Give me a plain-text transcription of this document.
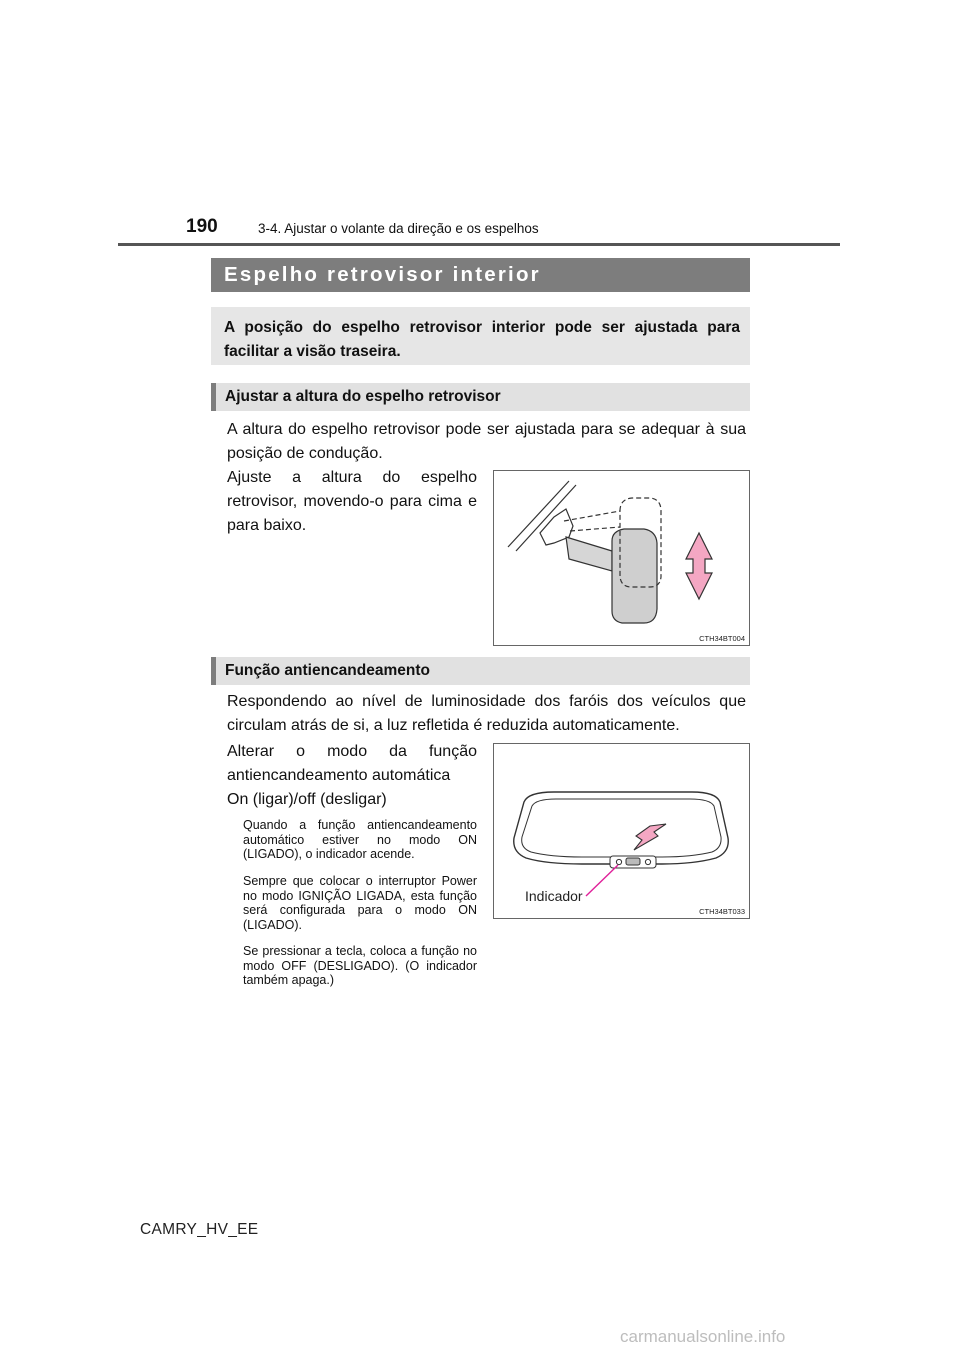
190	3-4. Ajustar o volante da direção e os espelhos
Espelho retrovisor interior
A posição do espelho retrovisor interior pode ser ajustada para facilitar a visão traseira.
Ajustar a altura do espelho retrovisor
A altura do espelho retrovisor pode ser ajustada para se adequar à sua posição de condução.
Ajuste a altura do espelho retrovisor, movendo-o para cima e para baixo.
CTH34BT004
Função antiencandeamento
Respondendo ao nível de luminosidade dos faróis dos veículos que circulam atrás de si, a luz refletida é reduzida automaticamente.
Alterar o modo da função antiencandeamento automática
On (ligar)/off (desligar)
Quando a função antiencandeamento automático estiver no modo ON (LIGADO), o indicador acende.
Sempre que colocar o interruptor Power no modo IGNIÇÃO LIGADA, esta função será configurada para o modo ON (LIGADO).
Se pressionar a tecla, coloca a função no modo OFF (DESLIGADO). (O indicador também apaga.)
Indicador
CTH34BT033
CAMRY_HV_EE
carmanualsonline.info
